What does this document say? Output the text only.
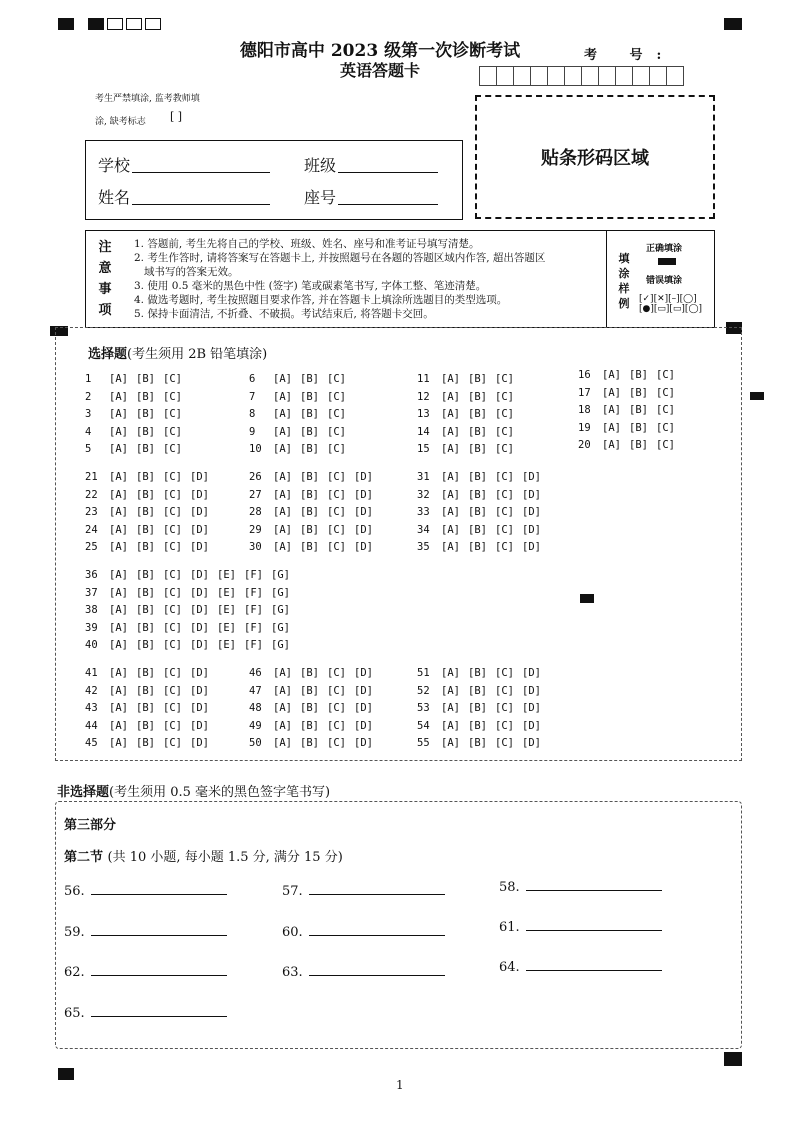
德阳市高中 2023 级第一次诊断考试
英语答题卡
考 号:
考生严禁填涂, 监考教师填
涂, 缺考标志 [ ]
贴条形码区域
学校	班级
姓名	座号
注
意
事
项
1. 答题前, 考生先将自己的学校、班级、姓名、座号和准考证号填写清楚。
2. 考生作答时, 请将答案写在答题卡上, 并按照题号在各题的答题区域内作答, 超出答题区
域书写的答案无效。
3. 使用 0.5 毫米的黑色中性 (签字) 笔或碳素笔书写, 字体工整、笔迹清楚。
4. 做选考题时, 考生按照题目要求作答, 并在答题卡上填涂所选题目的类型选项。
5. 保持卡面清洁, 不折叠、不破损。考试结束后, 将答题卡交回。
填
涂
样
例
正确填涂
错误填涂
[✓][✕][–][◯]
[●][▭][▭][◯]
选择题(考生须用 2B 铅笔填涂)
1 [A] [B] [C]
2 [A] [B] [C]
3 [A] [B] [C]
4 [A] [B] [C]
5 [A] [B] [C]
6 [A] [B] [C]
7 [A] [B] [C]
8 [A] [B] [C]
9 [A] [B] [C]
10 [A] [B] [C]
11 [A] [B] [C]
12 [A] [B] [C]
13 [A] [B] [C]
14 [A] [B] [C]
15 [A] [B] [C]
16 [A] [B] [C]
17 [A] [B] [C]
18 [A] [B] [C]
19 [A] [B] [C]
20 [A] [B] [C]
21 [A] [B] [C] [D]
22 [A] [B] [C] [D]
23 [A] [B] [C] [D]
24 [A] [B] [C] [D]
25 [A] [B] [C] [D]
26 [A] [B] [C] [D]
27 [A] [B] [C] [D]
28 [A] [B] [C] [D]
29 [A] [B] [C] [D]
30 [A] [B] [C] [D]
31 [A] [B] [C] [D]
32 [A] [B] [C] [D]
33 [A] [B] [C] [D]
34 [A] [B] [C] [D]
35 [A] [B] [C] [D]
36 [A] [B] [C] [D] [E] [F] [G]
37 [A] [B] [C] [D] [E] [F] [G]
38 [A] [B] [C] [D] [E] [F] [G]
39 [A] [B] [C] [D] [E] [F] [G]
40 [A] [B] [C] [D] [E] [F] [G]
41 [A] [B] [C] [D]
42 [A] [B] [C] [D]
43 [A] [B] [C] [D]
44 [A] [B] [C] [D]
45 [A] [B] [C] [D]
46 [A] [B] [C] [D]
47 [A] [B] [C] [D]
48 [A] [B] [C] [D]
49 [A] [B] [C] [D]
50 [A] [B] [C] [D]
51 [A] [B] [C] [D]
52 [A] [B] [C] [D]
53 [A] [B] [C] [D]
54 [A] [B] [C] [D]
55 [A] [B] [C] [D]
非选择题(考生须用 0.5 毫米的黑色签字笔书写)
第三部分
第二节 (共 10 小题, 每小题 1.5 分, 满分 15 分)
56.	57.	58.
59.	60.	61.
62.	63.	64.
65.
1
